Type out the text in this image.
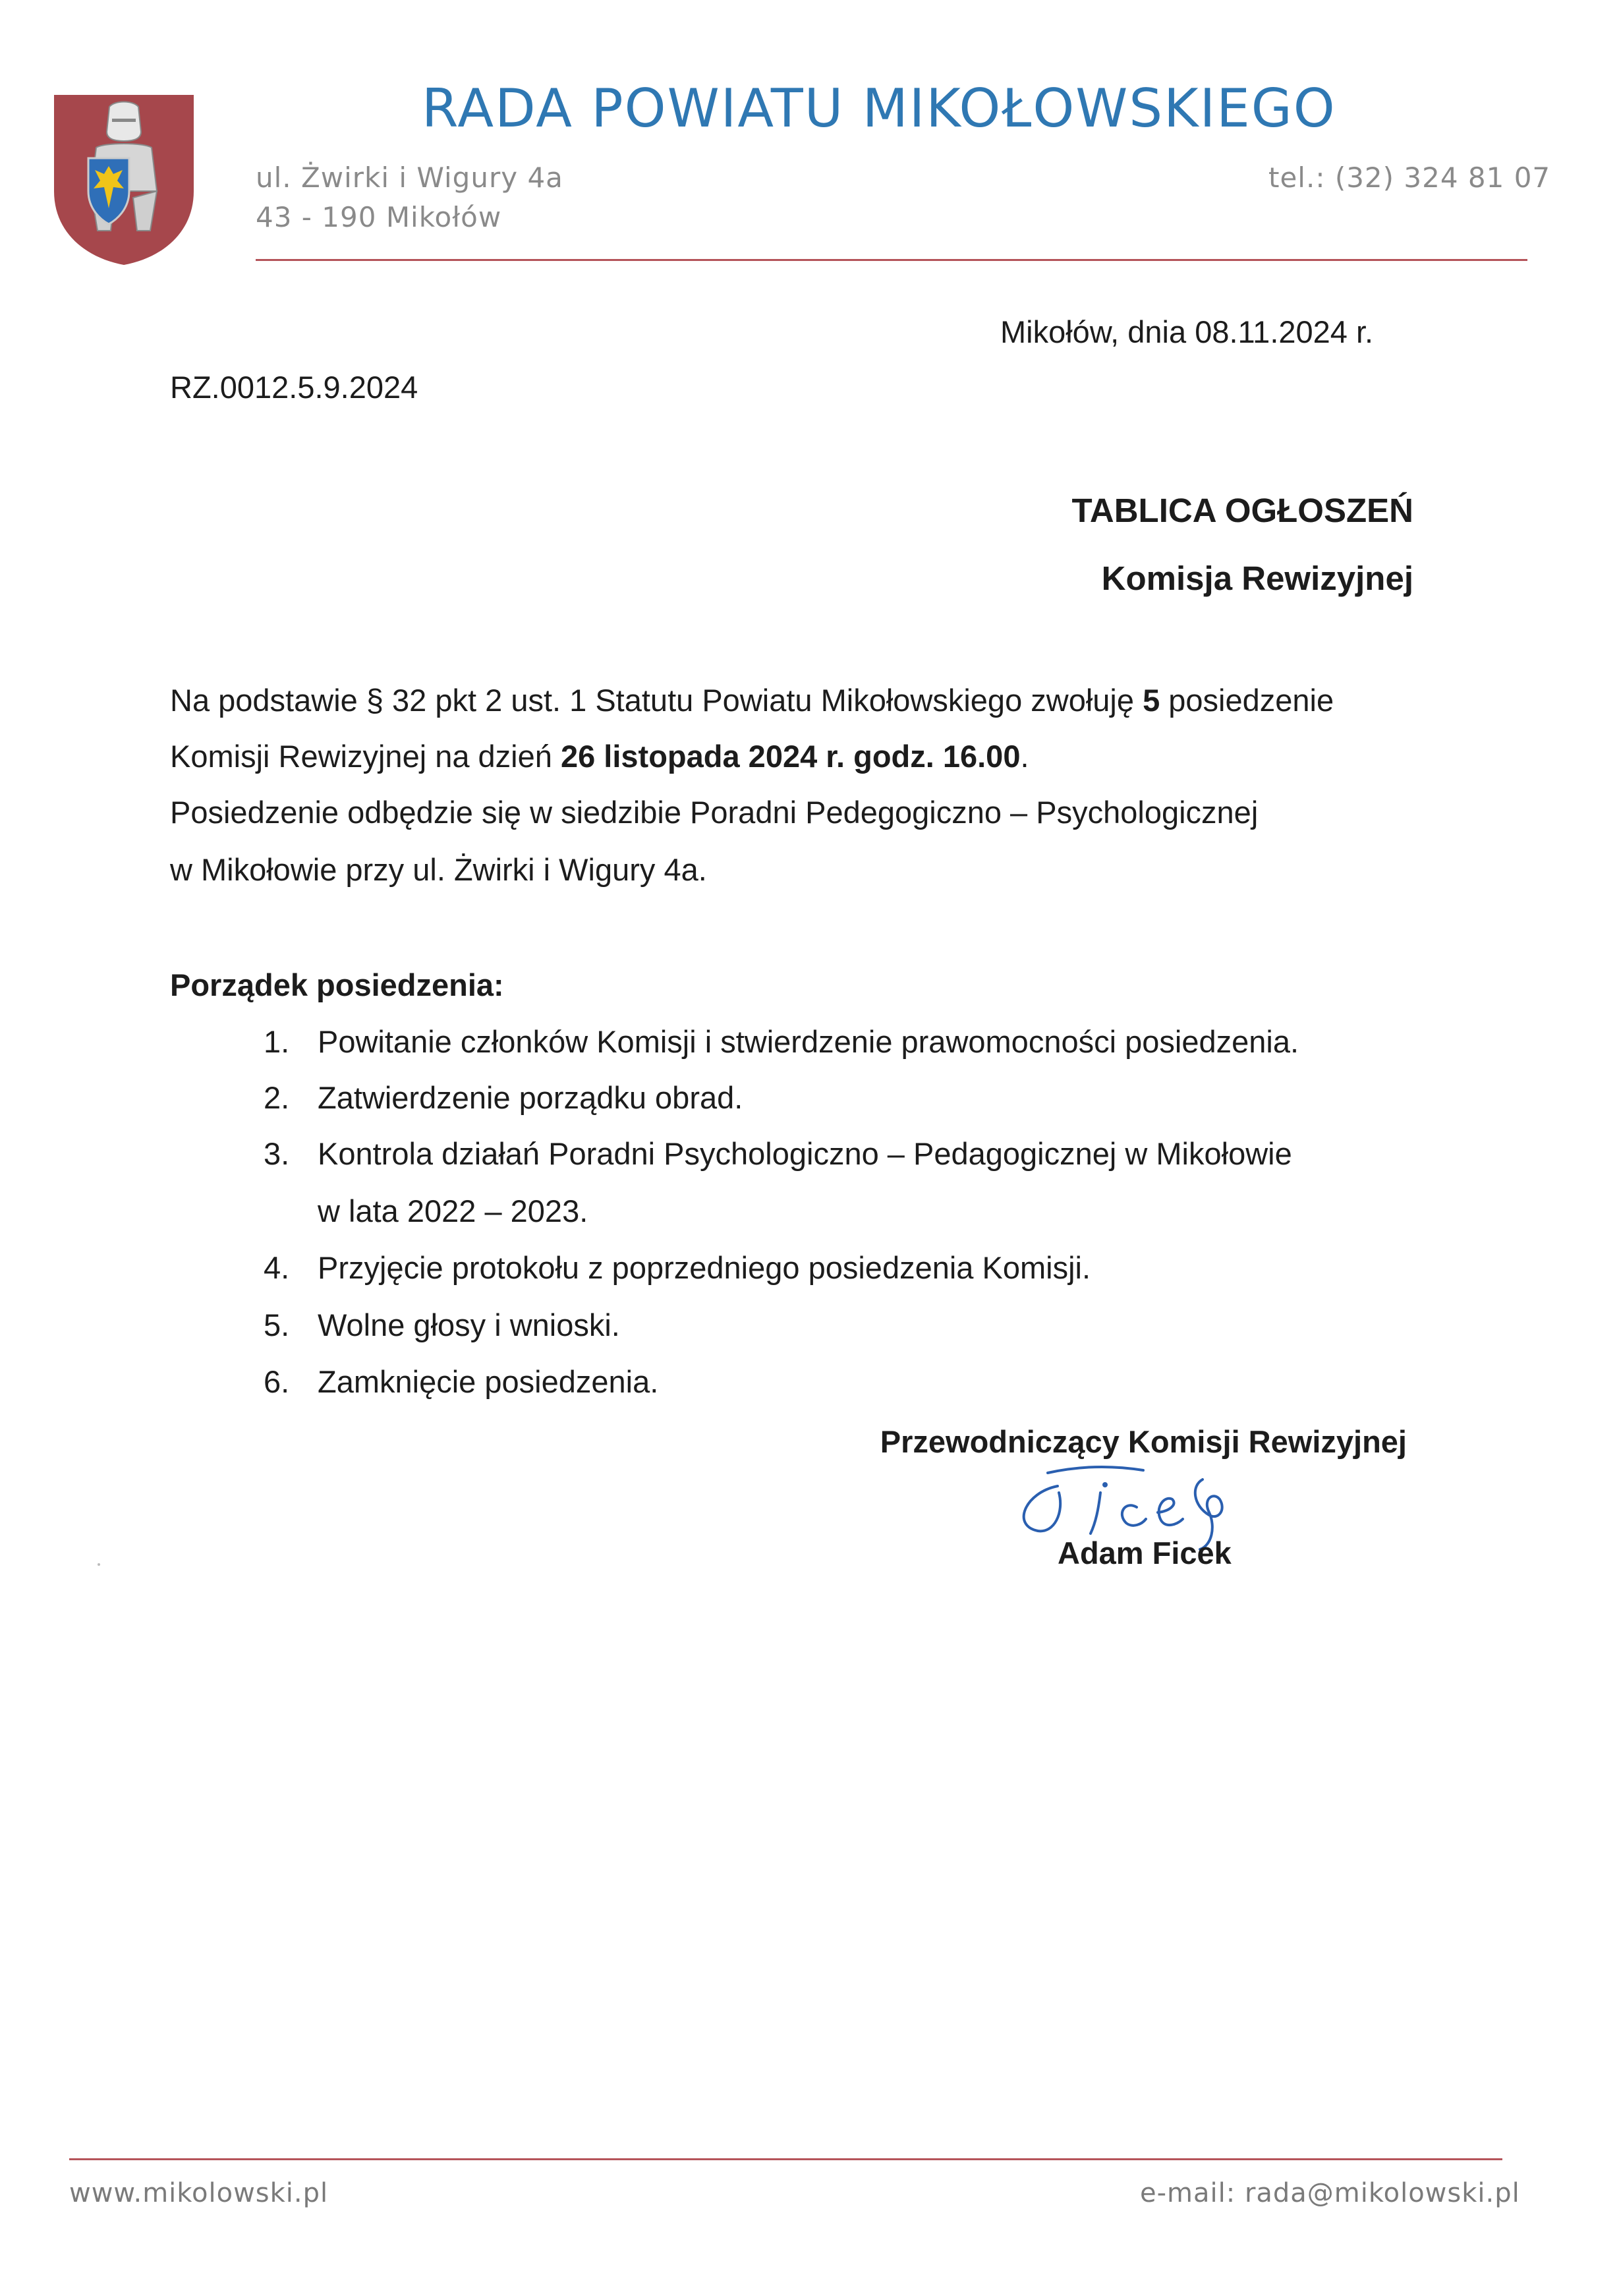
RADA POWIATU MIKOŁOWSKIEGO
ul. Żwirki i Wigury 4a
43 - 190 Mikołów
tel.: (32) 324 81 07
Mikołów, dnia 08.11.2024 r.
RZ.0012.5.9.2024
TABLICA OGŁOSZEŃ
Komisja Rewizyjnej
Na podstawie § 32 pkt 2 ust. 1 Statutu Powiatu Mikołowskiego zwołuję 5 posiedzenie
Komisji Rewizyjnej na dzień 26 listopada 2024 r. godz. 16.00.
Posiedzenie odbędzie się w siedzibie Poradni Pedegogiczno – Psychologicznej
w Mikołowie przy ul. Żwirki i Wigury 4a.
Porządek posiedzenia:
1. Powitanie członków Komisji i stwierdzenie prawomocności posiedzenia.
2. Zatwierdzenie porządku obrad.
3. Kontrola działań Poradni Psychologiczno – Pedagogicznej w Mikołowie
w lata 2022 – 2023.
4. Przyjęcie protokołu z poprzedniego posiedzenia Komisji.
5. Wolne głosy i wnioski.
6. Zamknięcie posiedzenia.
Przewodniczący Komisji Rewizyjnej
Adam Ficek
www.mikolowski.pl	e-mail: rada@mikolowski.pl
